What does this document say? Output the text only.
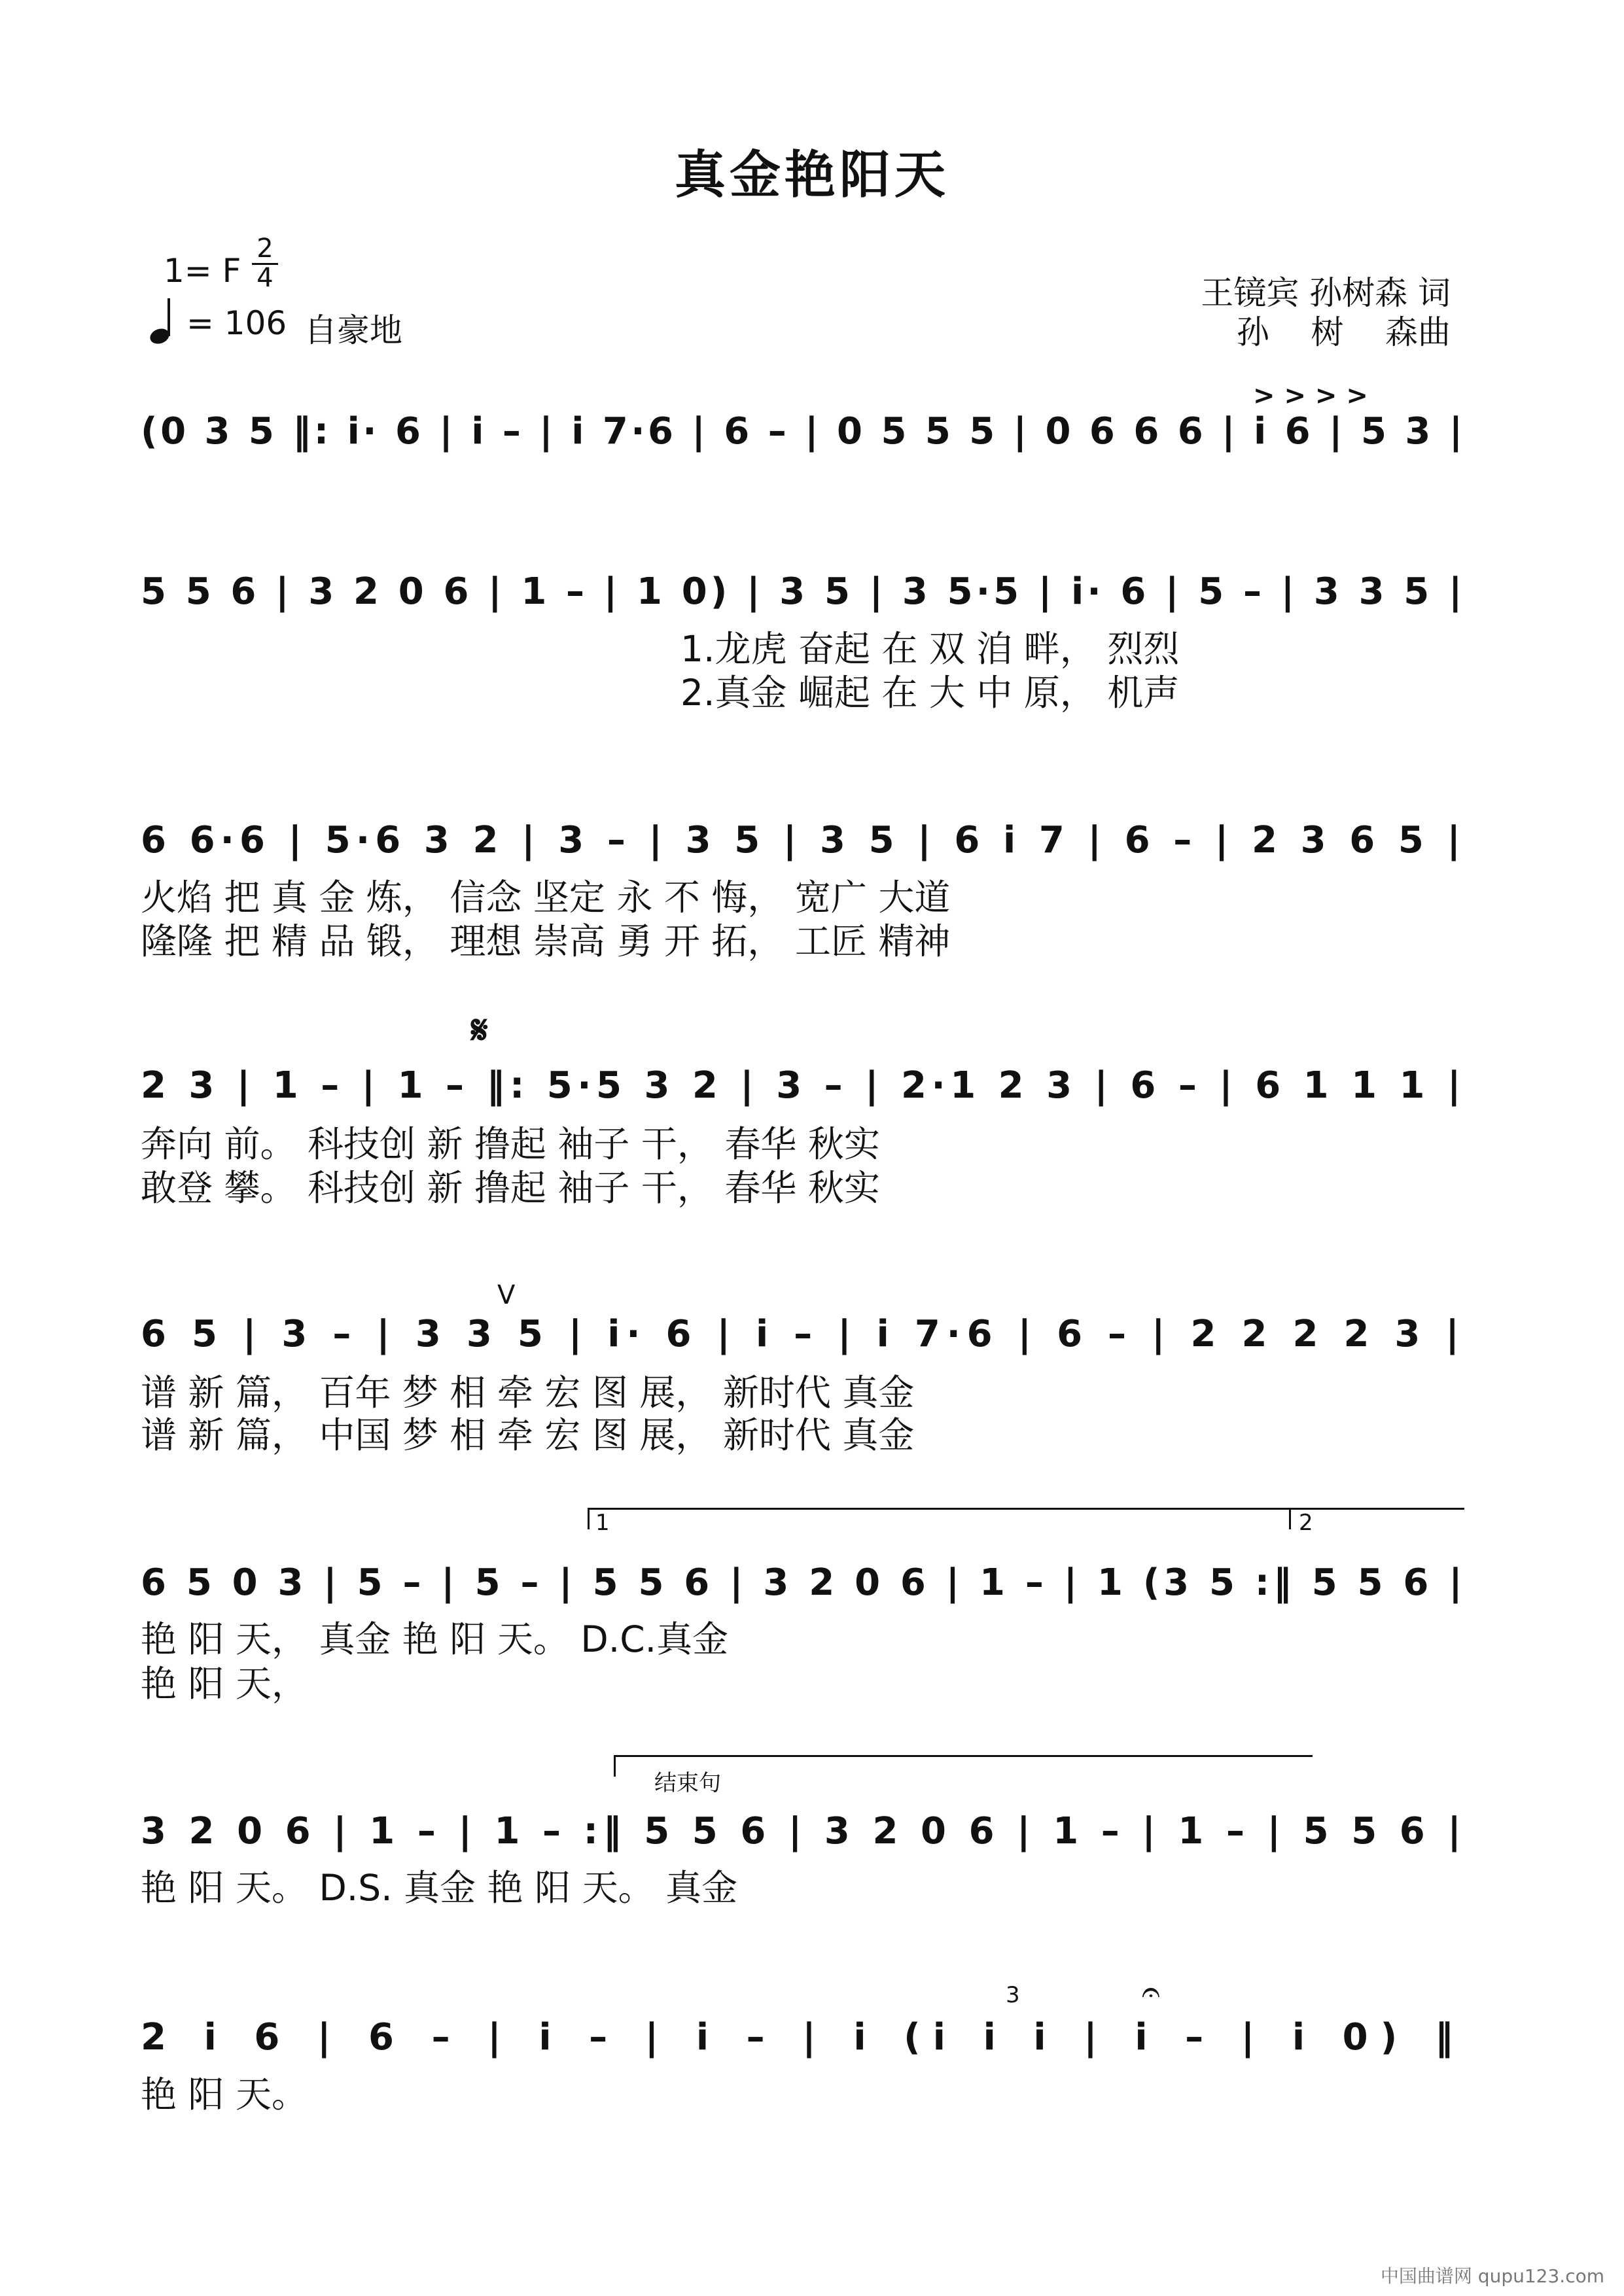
真金艳阳天
1= F $\frac{2}{4}$
= 106 自豪地
王镜宾 孙树森 词
孙    树    森曲
(0 3 5 ‖: i· 6 | i – | i 7·6 | 6 – | 0 5 5 5 | 0 6 6 6 | i 6 | 5 3 |
> > > >
5 5 6 | 3 2 0 6 | 1 – | 1 0) | 3 5 | 3 5·5 | i· 6 | 5 – | 3 3 5 |
1.龙虎 奋起 在 双 洎 畔， 烈烈
2.真金 崛起 在 大 中 原， 机声
6 6·6 | 5·6 3 2 | 3 – | 3 5 | 3 5 | 6 i 7 | 6 – | 2 3 6 5 |
火焰 把 真 金 炼， 信念 坚定 永 不 悔， 宽广 大道
隆隆 把 精 品 锻， 理想 崇高 勇 开 拓， 工匠 精神
𝄋
2 3 | 1 – | 1 – ‖: 5·5 3 2 | 3 – | 2·1 2 3 | 6 – | 6 1 1 1 |
奔向 前。 科技创 新 撸起 袖子 干， 春华 秋实
敢登 攀。 科技创 新 撸起 袖子 干， 春华 秋实
V
6 5 | 3 – | 3 3 5 | i· 6 | i – | i 7·6 | 6 – | 2 2 2 2 3 |
谱 新 篇， 百年 梦 相 牵 宏 图 展， 新时代 真金
谱 新 篇， 中国 梦 相 牵 宏 图 展， 新时代 真金
1	2
6 5 0 3 | 5 – | 5 – | 5 5 6 | 3 2 0 6 | 1 – | 1 (3 5 :‖ 5 5 6 |
艳 阳 天， 真金 艳 阳 天。 D.C.真金
艳 阳 天，
结束句
3 2 0 6 | 1 – | 1 – :‖ 5 5 6 | 3 2 0 6 | 1 – | 1 – | 5 5 6 |
艳 阳 天。 D.S. 真金 艳 阳 天。 真金
3	𝄐
2 i 6 | 6 – | i – | i – | i (i i i | i – | i 0) ‖
艳 阳 天。
中国曲谱网 qupu123.com
